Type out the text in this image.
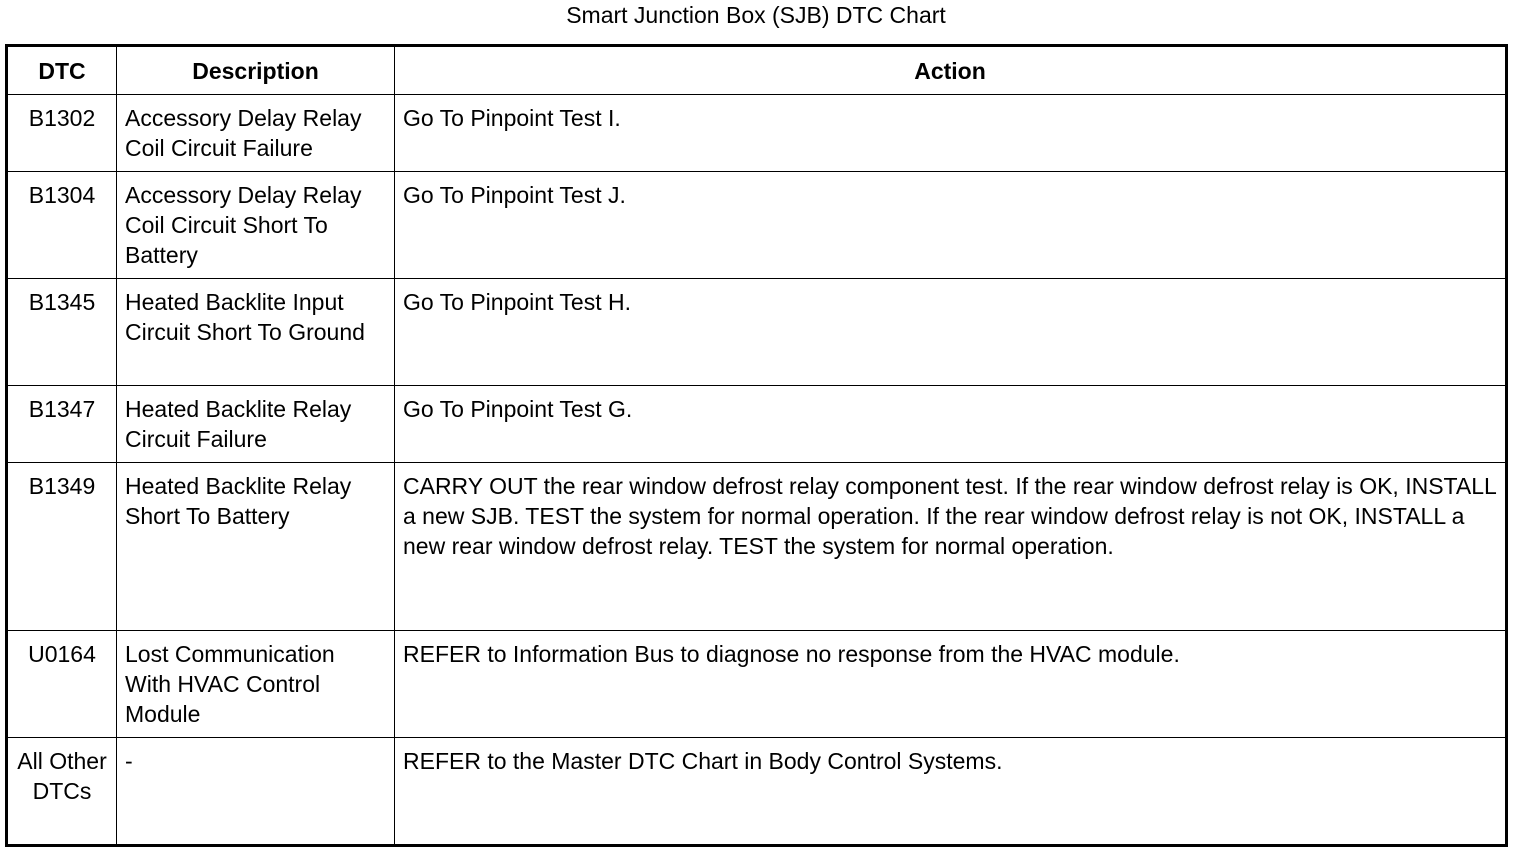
Smart Junction Box (SJB) DTC Chart
DTC	Description	Action
B1302	Accessory Delay Relay Coil Circuit Failure	Go To Pinpoint Test I.
B1304	Accessory Delay Relay Coil Circuit Short To Battery	Go To Pinpoint Test J.
B1345	Heated Backlite Input Circuit Short To Ground	Go To Pinpoint Test H.
B1347	Heated Backlite Relay Circuit Failure	Go To Pinpoint Test G.
B1349	Heated Backlite Relay Short To Battery	CARRY OUT the rear window defrost relay component test. If the rear window defrost relay is OK, INSTALL a new SJB. TEST the system for normal operation. If the rear window defrost relay is not OK, INSTALL a new rear window defrost relay. TEST the system for normal operation.
U0164	Lost Communication With HVAC Control Module	REFER to Information Bus to diagnose no response from the HVAC module.
All Other DTCs	-	REFER to the Master DTC Chart in Body Control Systems.
